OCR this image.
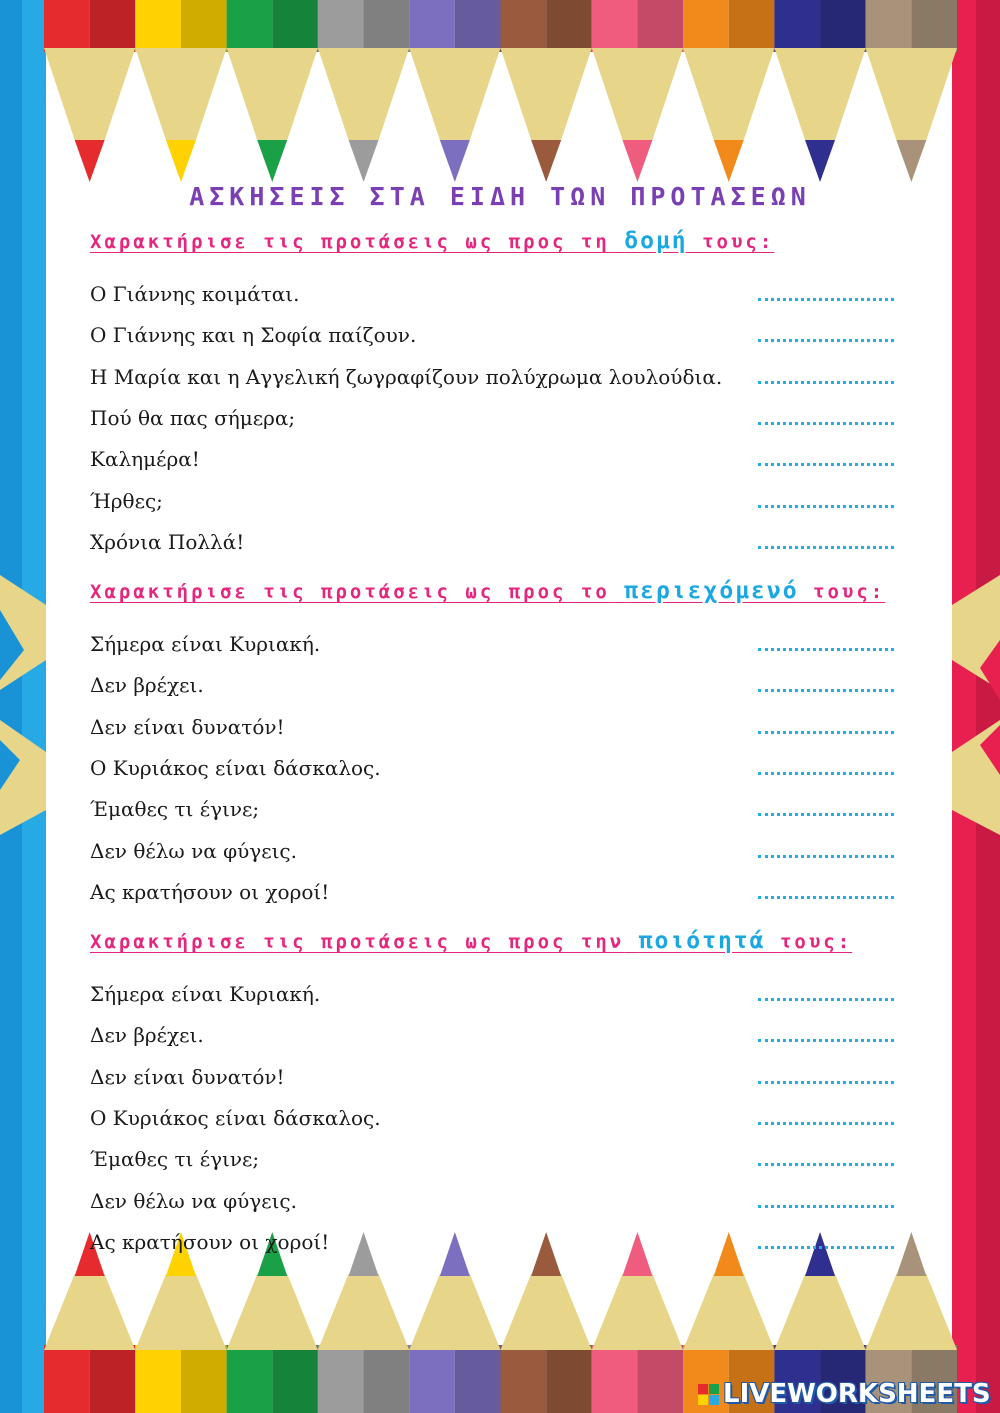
ΑΣΚΗΣΕΙΣ ΣΤΑ ΕΙΔΗ ΤΩΝ ΠΡΟΤΑΣΕΩΝ
Χαρακτήρισε τις προτάσεις ως προς τη δομή τους:
Ο Γιάννης κοιμάται.
Ο Γιάννης και η Σοφία παίζουν.
Η Μαρία και η Αγγελική ζωγραφίζουν πολύχρωμα λουλούδια.
Πού θα πας σήμερα;
Καλημέρα!
Ήρθες;
Χρόνια Πολλά!
Χαρακτήρισε τις προτάσεις ως προς το περιεχόμενό τους:
Σήμερα είναι Κυριακή.
Δεν βρέχει.
Δεν είναι δυνατόν!
Ο Κυριάκος είναι δάσκαλος.
Έμαθες τι έγινε;
Δεν θέλω να φύγεις.
Ας κρατήσουν οι χοροί!
Χαρακτήρισε τις προτάσεις ως προς την ποιότητά τους:
Σήμερα είναι Κυριακή.
Δεν βρέχει.
Δεν είναι δυνατόν!
Ο Κυριάκος είναι δάσκαλος.
Έμαθες τι έγινε;
Δεν θέλω να φύγεις.
Ας κρατήσουν οι χοροί!
LIVEWORKSHEETS
